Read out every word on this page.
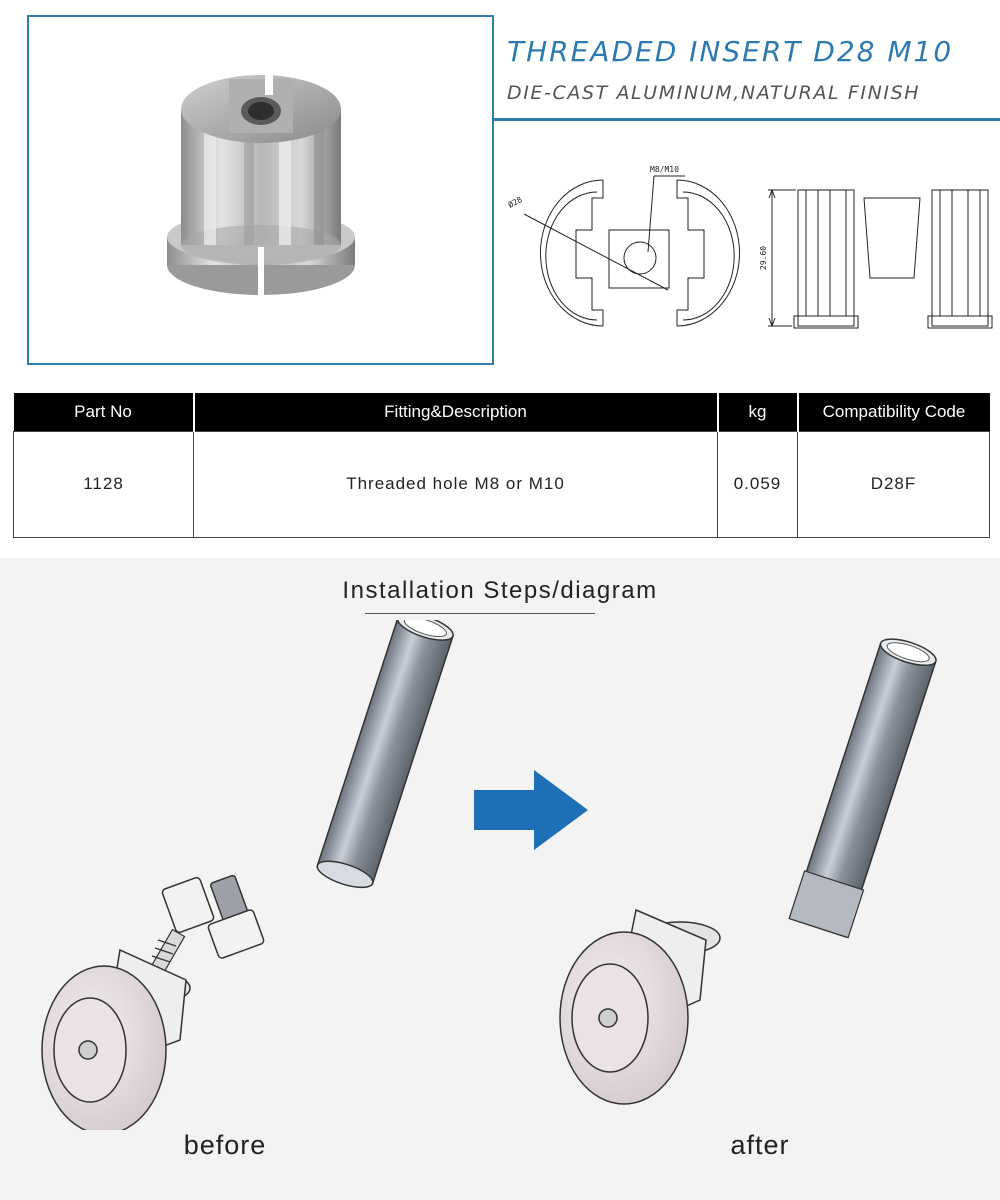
THREADED INSERT D28 M10
DIE-CAST ALUMINUM,NATURAL FINISH
M8/M10
Ø28
29.60
Part No	Fitting&Description	kg	Compatibility Code
1128	Threaded hole M8 or M10	0.059	D28F
Installation Steps/diagram
before	after
